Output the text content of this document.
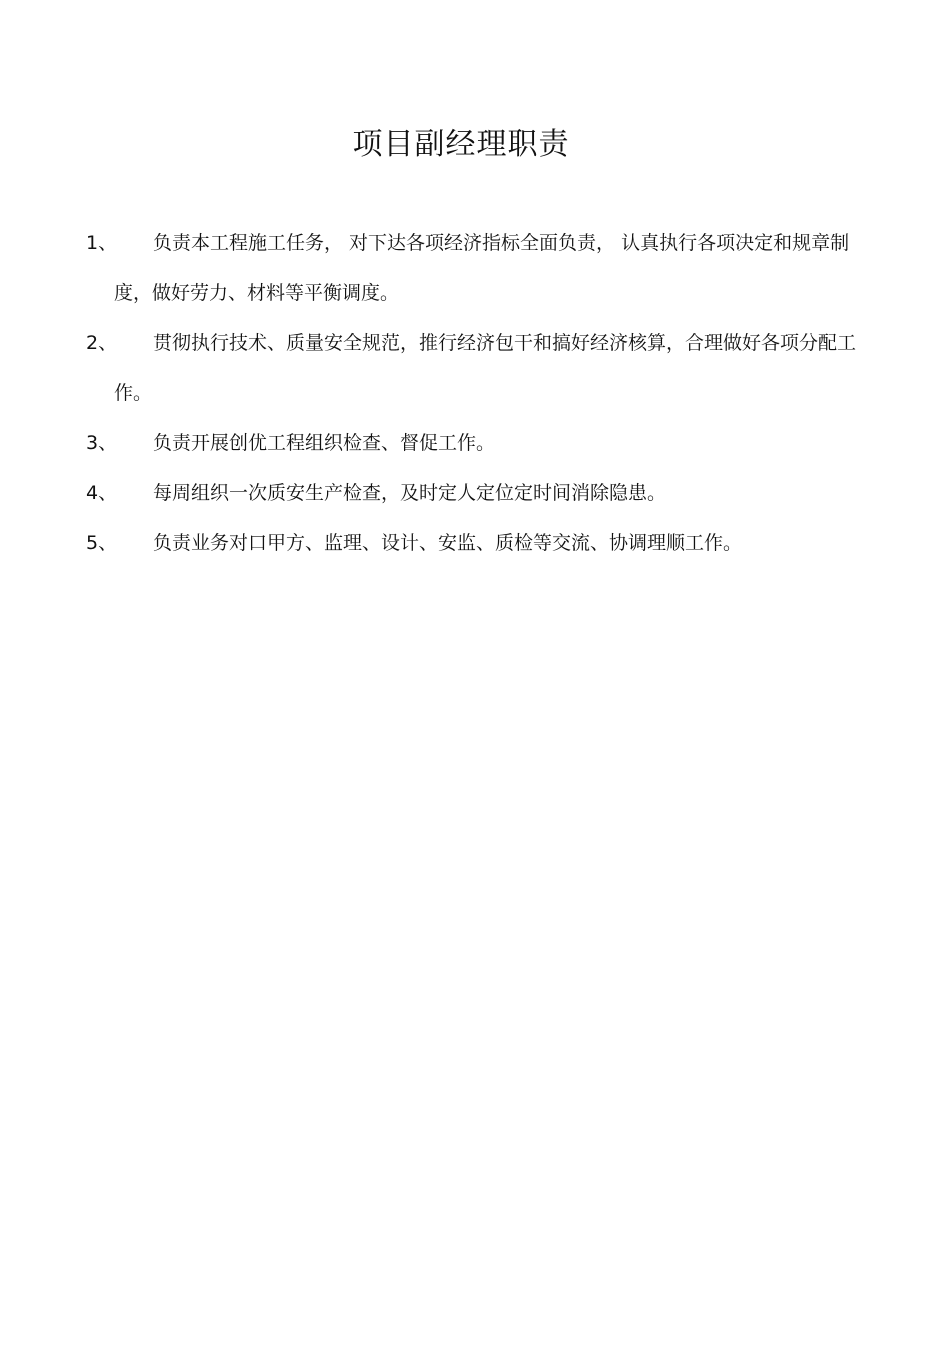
项目副经理职责
1、	负责本工程施工任务， 对下达各项经济指标全面负责， 认真执行各项决定和规章制度，做好劳力、材料等平衡调度。
2、	贯彻执行技术、质量安全规范，推行经济包干和搞好经济核算，合理做好各项分配工作。
3、	负责开展创优工程组织检查、督促工作。
4、	每周组织一次质安生产检查，及时定人定位定时间消除隐患。
5、	负责业务对口甲方、监理、设计、安监、质检等交流、协调理顺工作。
